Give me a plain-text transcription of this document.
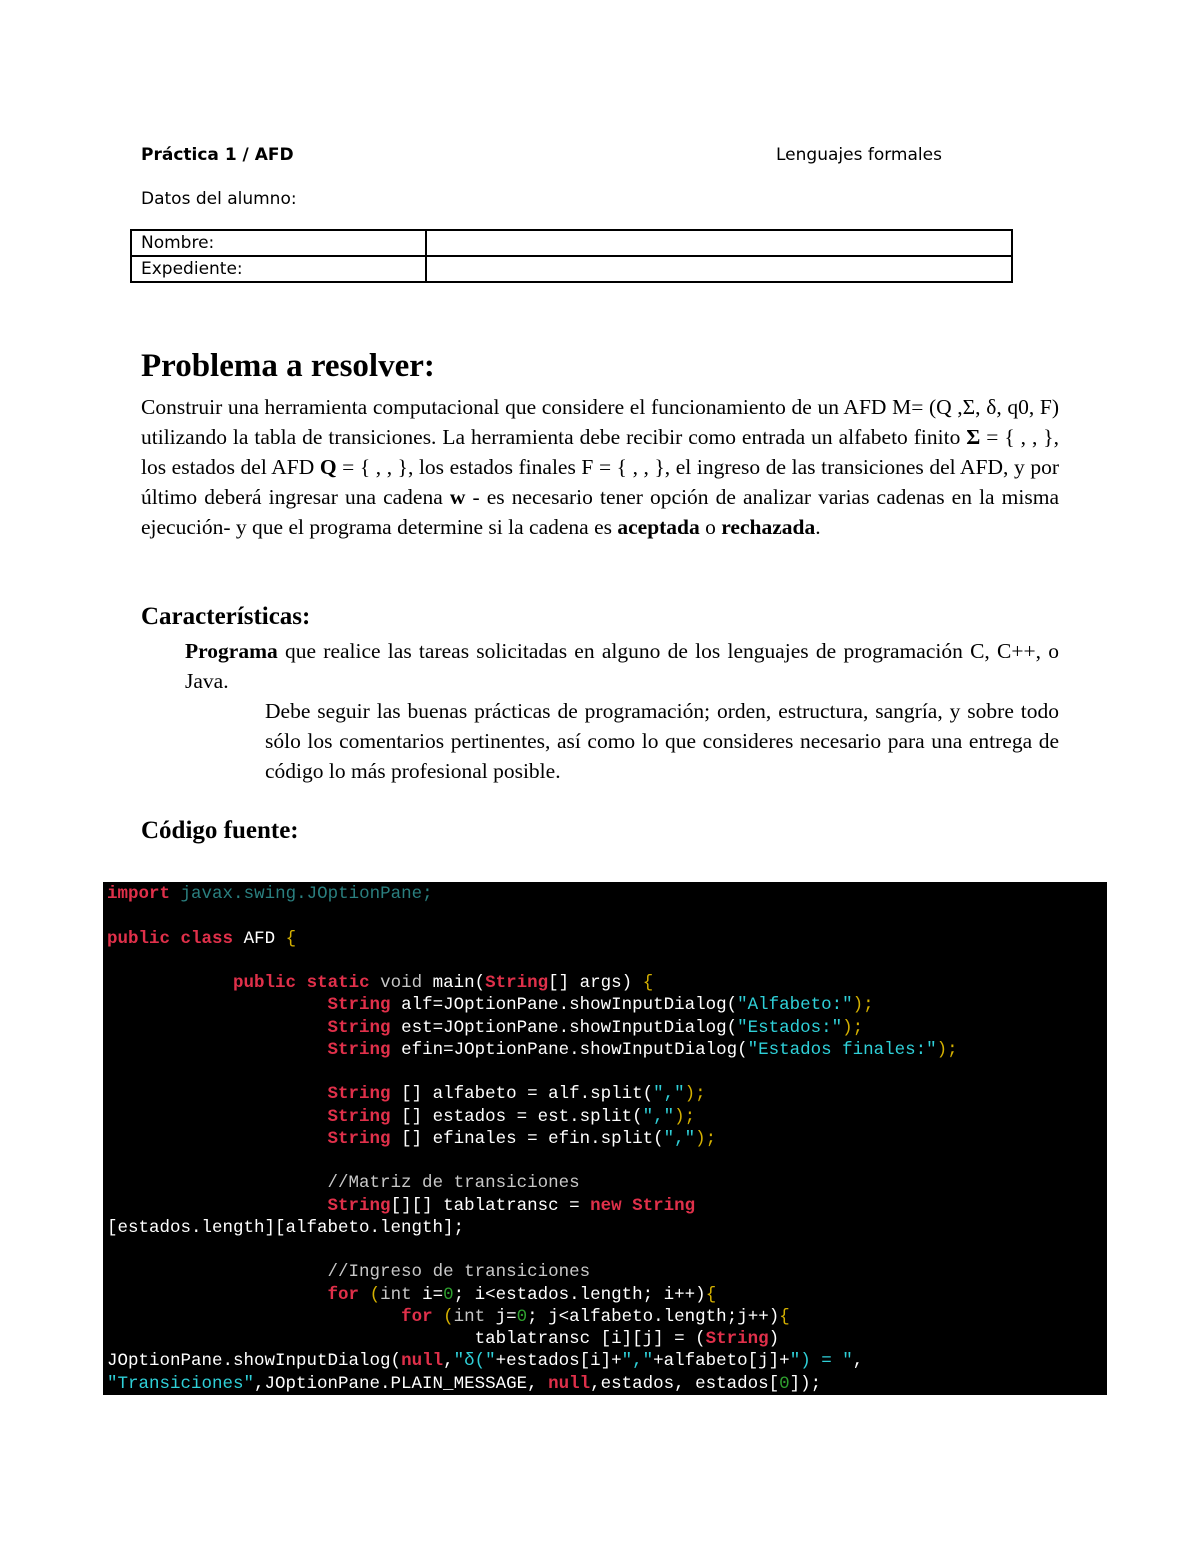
Práctica 1 / AFD	Lenguajes formales
Datos del alumno:
Nombre:	
Expediente:	
Problema a resolver:
Construir una herramienta computacional que considere el funcionamiento de un AFD M= (Q ,Σ, δ, q0, F) utilizando la tabla de transiciones. La herramienta debe recibir como entrada un alfabeto finito Σ = { , , }, los estados del AFD Q = { , , }, los estados finales F = { , , }, el ingreso de las transiciones del AFD, y por último deberá ingresar una cadena w - es necesario tener opción de analizar varias cadenas en la misma ejecución- y que el programa determine si la cadena es aceptada o rechazada.
Características:
Programa que realice las tareas solicitadas en alguno de los lenguajes de programación C, C++, o Java.
Debe seguir las buenas prácticas de programación; orden, estructura, sangría, y sobre todo sólo los comentarios pertinentes, así como lo que consideres necesario para una entrega de código lo más profesional posible.
Código fuente:
import javax.swing.JOptionPane;

public class AFD {

public static void main(String[] args) {
String alf=JOptionPane.showInputDialog("Alfabeto:");
String est=JOptionPane.showInputDialog("Estados:");
String efin=JOptionPane.showInputDialog("Estados finales:");

String [] alfabeto = alf.split(",");
String [] estados = est.split(",");
String [] efinales = efin.split(",");

//Matriz de transiciones
String[][] tablatransc = new String
[estados.length][alfabeto.length];

//Ingreso de transiciones
for (int i=0; i<estados.length; i++){
for (int j=0; j<alfabeto.length;j++){
tablatransc [i][j] = (String)
JOptionPane.showInputDialog(null,"δ("+estados[i]+","+alfabeto[j]+") = ",
"Transiciones",JOptionPane.PLAIN_MESSAGE, null,estados, estados[0]);
